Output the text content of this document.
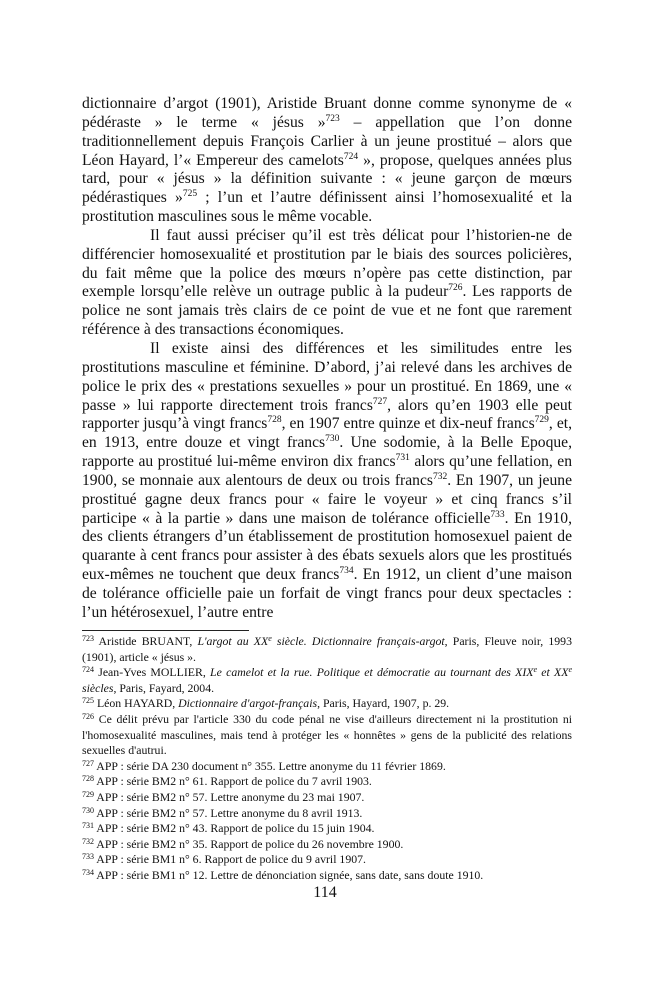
dictionnaire d’argot (1901), Aristide Bruant donne comme synonyme de « pédéraste » le terme « jésus »$^{723}$ – appellation que l’on donne traditionnellement depuis François Carlier à un jeune prostitué – alors que Léon Hayard, l’« Empereur des camelots$^{724}$ », propose, quelques années plus tard, pour « jésus » la définition suivante : « jeune garçon de mœurs pédérastiques »$^{725}$ ; l’un et l’autre définissent ainsi l’homosexualité et la prostitution masculines sous le même vocable.

Il faut aussi préciser qu’il est très délicat pour l’historien-ne de différencier homosexualité et prostitution par le biais des sources policières, du fait même que la police des mœurs n’opère pas cette distinction, par exemple lorsqu’elle relève un outrage public à la pudeur$^{726}$. Les rapports de police ne sont jamais très clairs de ce point de vue et ne font que rarement référence à des transactions économiques.

Il existe ainsi des différences et les similitudes entre les prostitutions masculine et féminine. D’abord, j’ai relevé dans les archives de police le prix des « prestations sexuelles » pour un prostitué. En 1869, une « passe » lui rapporte directement trois francs$^{727}$, alors qu’en 1903 elle peut rapporter jusqu’à vingt francs$^{728}$, en 1907 entre quinze et dix-neuf francs$^{729}$, et, en 1913, entre douze et vingt francs$^{730}$. Une sodomie, à la Belle Epoque, rapporte au prostitué lui-même environ dix francs$^{731}$ alors qu’une fellation, en 1900, se monnaie aux alentours de deux ou trois francs$^{732}$. En 1907, un jeune prostitué gagne deux francs pour « faire le voyeur » et cinq francs s’il participe « à la partie » dans une maison de tolérance officielle$^{733}$. En 1910, des clients étrangers d’un établissement de prostitution homosexuel paient de quarante à cent francs pour assister à des ébats sexuels alors que les prostitués eux-mêmes ne touchent que deux francs$^{734}$. En 1912, un client d’une maison de tolérance officielle paie un forfait de vingt francs pour deux spectacles : l’un hétérosexuel, l’autre entre

$^{723}$ Aristide BRUANT, L'argot au XXe siècle. Dictionnaire français-argot, Paris, Fleuve noir, 1993 (1901), article « jésus ».

$^{724}$ Jean-Yves MOLLIER, Le camelot et la rue. Politique et démocratie au tournant des XIXe et XXe siècles, Paris, Fayard, 2004.

$^{725}$ Léon HAYARD, Dictionnaire d'argot-français, Paris, Hayard, 1907, p. 29.

$^{726}$ Ce délit prévu par l'article 330 du code pénal ne vise d'ailleurs directement ni la prostitution ni l'homosexualité masculines, mais tend à protéger les « honnêtes » gens de la publicité des relations sexuelles d'autrui.

$^{727}$ APP : série DA 230 document n° 355. Lettre anonyme du 11 février 1869.

$^{728}$ APP : série BM2 n° 61. Rapport de police du 7 avril 1903.

$^{729}$ APP : série BM2 n° 57. Lettre anonyme du 23 mai 1907.

$^{730}$ APP : série BM2 n° 57. Lettre anonyme du 8 avril 1913.

$^{731}$ APP : série BM2 n° 43. Rapport de police du 15 juin 1904.

$^{732}$ APP : série BM2 n° 35. Rapport de police du 26 novembre 1900.

$^{733}$ APP : série BM1 n° 6. Rapport de police du 9 avril 1907.

$^{734}$ APP : série BM1 n° 12. Lettre de dénonciation signée, sans date, sans doute 1910.

114
